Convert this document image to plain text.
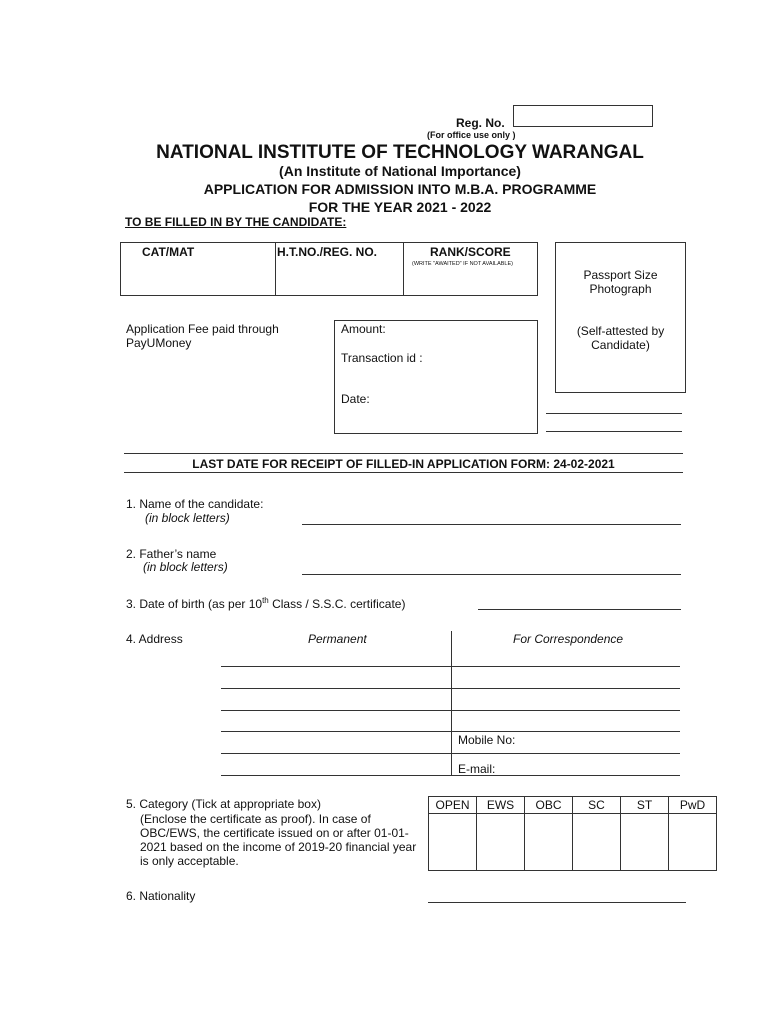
Reg. No.
(For office use only )
NATIONAL INSTITUTE OF TECHNOLOGY WARANGAL
(An Institute of National Importance)
APPLICATION FOR ADMISSION INTO M.B.A. PROGRAMME
FOR THE YEAR 2021 - 2022
TO BE FILLED IN BY THE CANDIDATE:
CAT/MAT	H.T.NO./REG. NO.	RANK/SCORE
(WRITE "AWAITED" IF NOT AVAILABLE)
Passport Size
Photograph
(Self-attested by
Candidate)
Application Fee paid through
PayUMoney
Amount:
Transaction id :
Date:
LAST DATE FOR RECEIPT OF FILLED-IN APPLICATION FORM: 24-02-2021
1. Name of the candidate:
(in block letters)
2. Father’s name
(in block letters)
3. Date of birth (as per 10th Class / S.S.C. certificate)
4. Address	Permanent	For Correspondence
Mobile No:
E-mail:
5. Category (Tick at appropriate box)
(Enclose the certificate as proof). In case of
OBC/EWS, the certificate issued on or after 01-01-
2021 based on the income of 2019-20 financial year
is only acceptable.
OPEN	EWS	OBC	SC	ST	PwD

6. Nationality
